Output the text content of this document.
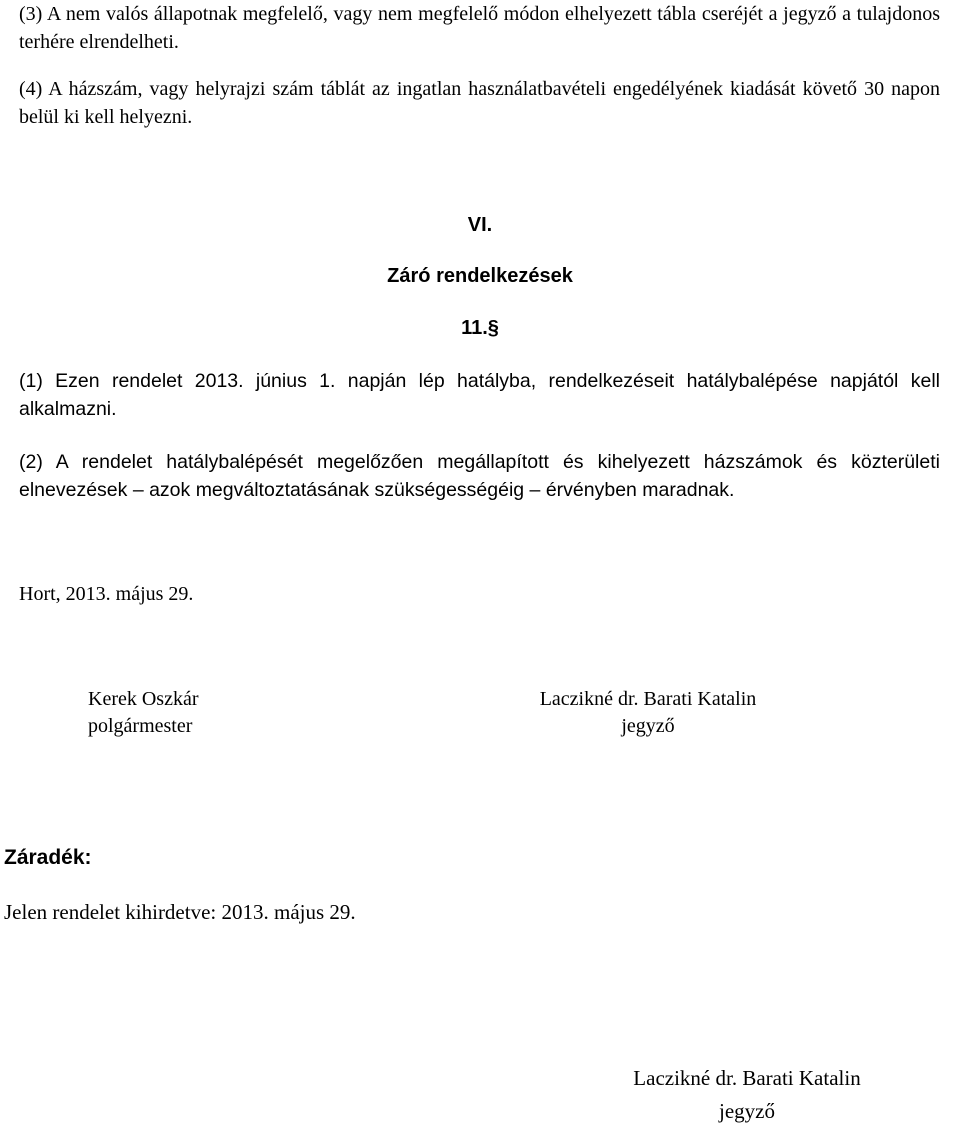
(3) A nem valós állapotnak megfelelő, vagy nem megfelelő módon elhelyezett tábla cseréjét a jegyző a tulajdonos terhére elrendelheti.

(4) A házszám, vagy helyrajzi szám táblát az ingatlan használatbavételi engedélyének kiadását követő 30 napon belül ki kell helyezni.

VI.
Záró rendelkezések
11.§

(1) Ezen rendelet 2013. június 1. napján lép hatályba, rendelkezéseit hatálybalépése napjától kell alkalmazni.

(2) A rendelet hatálybalépését megelőzően megállapított és kihelyezett házszámok és közterületi elnevezések – azok megváltoztatásának szükségességéig – érvényben maradnak.

Hort, 2013. május 29.
Kerek Oszkár
polgármester
Laczikné dr. Barati Katalin
jegyző
Záradék:
Jelen rendelet kihirdetve: 2013. május 29.
Laczikné dr. Barati Katalin
jegyző
